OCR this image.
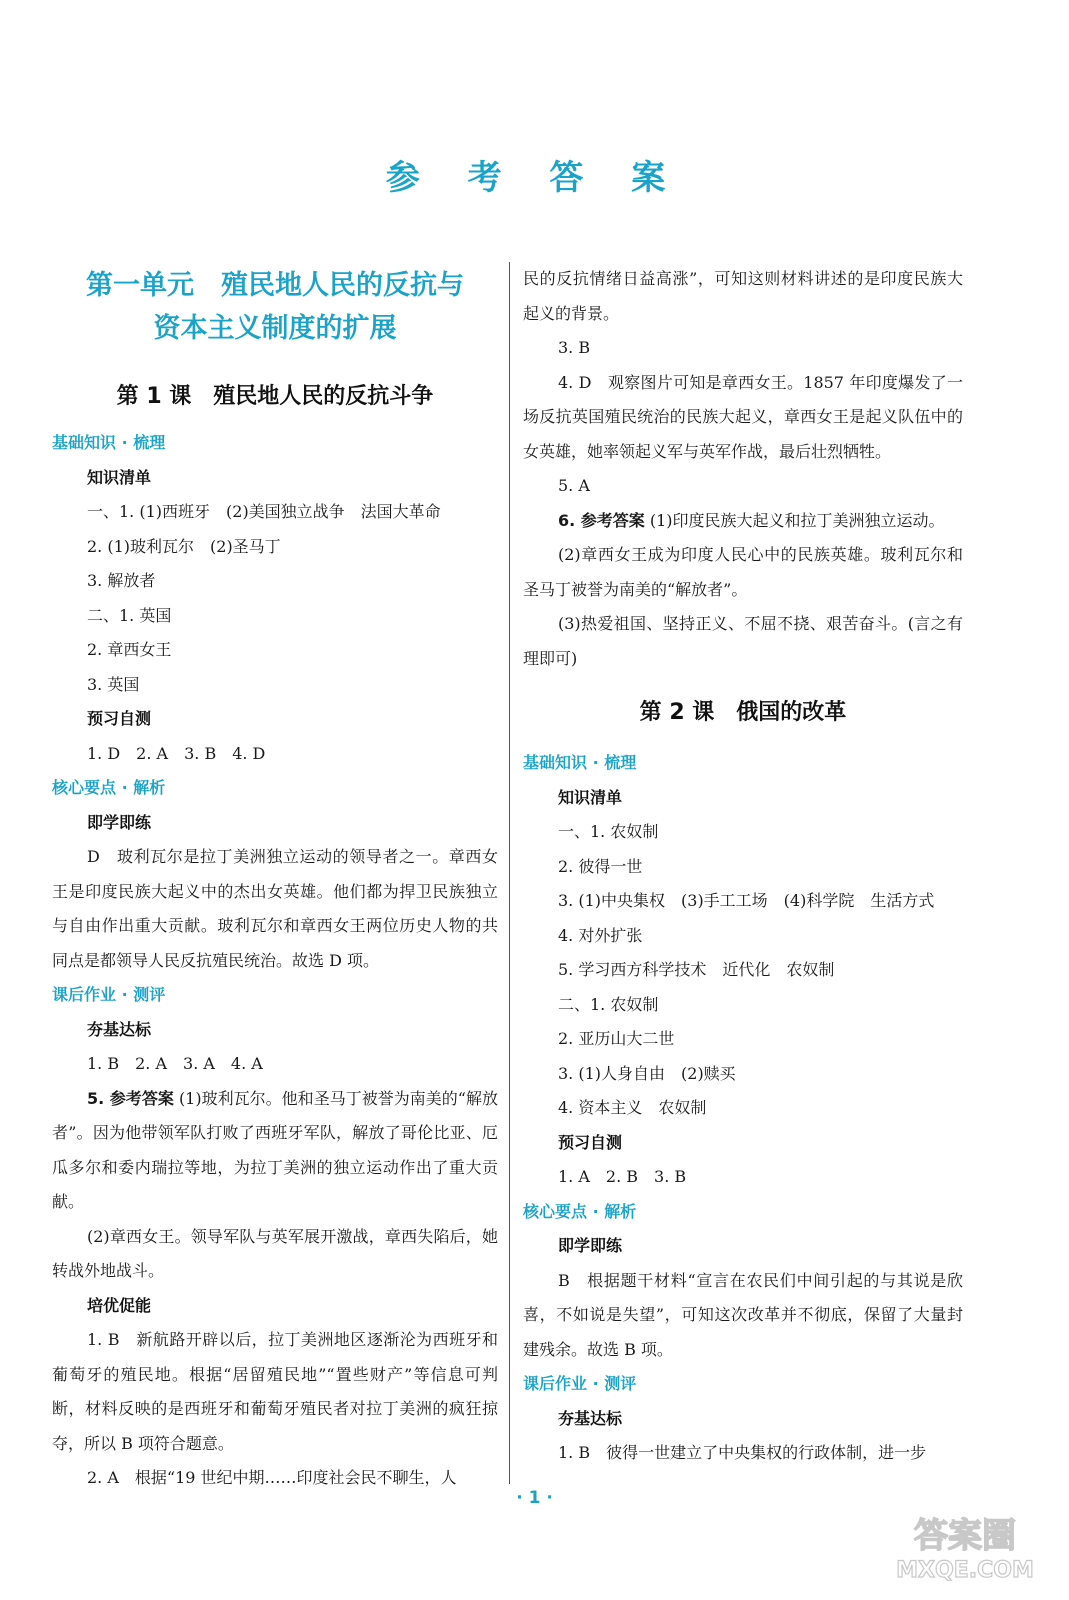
参 考 答 案
第一单元　殖民地人民的反抗与
资本主义制度的扩展
第 1 课　殖民地人民的反抗斗争
基础知识 · 梳理
知识清单
一、1. (1)西班牙　(2)美国独立战争　法国大革命
2. (1)玻利瓦尔　(2)圣马丁
3. 解放者
二、1. 英国
2. 章西女王
3. 英国
预习自测
1. D　2. A　3. B　4. D
核心要点 · 解析
即学即练

D　玻利瓦尔是拉丁美洲独立运动的领导者之一。章西女王是印度民族大起义中的杰出女英雄。他们都为捍卫民族独立与自由作出重大贡献。玻利瓦尔和章西女王两位历史人物的共同点是都领导人民反抗殖民统治。故选 D 项。

课后作业 · 测评
夯基达标
1. B　2. A　3. A　4. A

5. 参考答案 (1)玻利瓦尔。他和圣马丁被誉为南美的“解放者”。因为他带领军队打败了西班牙军队，解放了哥伦比亚、厄瓜多尔和委内瑞拉等地，为拉丁美洲的独立运动作出了重大贡献。

(2)章西女王。领导军队与英军展开激战，章西失陷后，她转战外地战斗。

培优促能

1. B　新航路开辟以后，拉丁美洲地区逐渐沦为西班牙和葡萄牙的殖民地。根据“居留殖民地”“置些财产”等信息可判断，材料反映的是西班牙和葡萄牙殖民者对拉丁美洲的疯狂掠夺，所以 B 项符合题意。

2. A　根据“19 世纪中期……印度社会民不聊生，人

民的反抗情绪日益高涨”，可知这则材料讲述的是印度民族大起义的背景。

3. B

4. D　观察图片可知是章西女王。1857 年印度爆发了一场反抗英国殖民统治的民族大起义，章西女王是起义队伍中的女英雄，她率领起义军与英军作战，最后壮烈牺牲。

5. A

6. 参考答案 (1)印度民族大起义和拉丁美洲独立运动。

(2)章西女王成为印度人民心中的民族英雄。玻利瓦尔和圣马丁被誉为南美的“解放者”。

(3)热爱祖国、坚持正义、不屈不挠、艰苦奋斗。(言之有理即可)

第 2 课　俄国的改革
基础知识 · 梳理
知识清单
一、1. 农奴制
2. 彼得一世

3. (1)中央集权　(3)手工工场　(4)科学院　生活方式

4. 对外扩张
5. 学习西方科学技术　近代化　农奴制
二、1. 农奴制
2. 亚历山大二世
3. (1)人身自由　(2)赎买
4. 资本主义　农奴制
预习自测
1. A　2. B　3. B
核心要点 · 解析
即学即练

B　根据题干材料“宣言在农民们中间引起的与其说是欣喜，不如说是失望”，可知这次改革并不彻底，保留了大量封建残余。故选 B 项。

课后作业 · 测评
夯基达标

1. B　彼得一世建立了中央集权的行政体制，进一步

· 1 ·
答案圈
MXQE.COM
